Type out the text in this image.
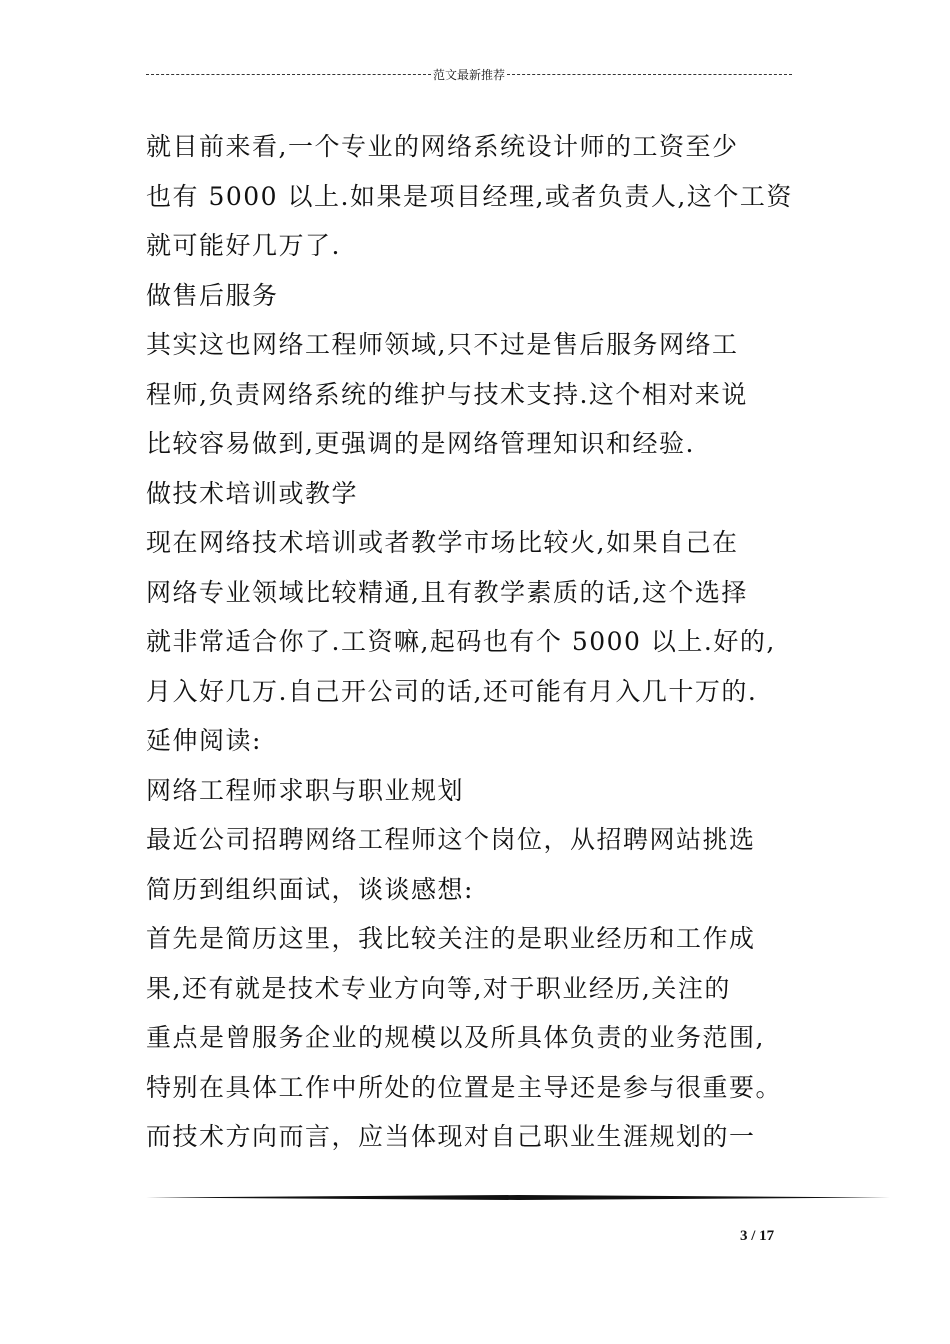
范文最新推荐

就目前来看,一个专业的网络系统设计师的工资至少

也有 5000 以上.如果是项目经理,或者负责人,这个工资

就可能好几万了.

做售后服务

其实这也网络工程师领域,只不过是售后服务网络工

程师,负责网络系统的维护与技术支持.这个相对来说

比较容易做到,更强调的是网络管理知识和经验.

做技术培训或教学

现在网络技术培训或者教学市场比较火,如果自己在

网络专业领域比较精通,且有教学素质的话,这个选择

就非常适合你了.工资嘛,起码也有个 5000 以上.好的,

月入好几万.自己开公司的话,还可能有月入几十万的.

延伸阅读:

网络工程师求职与职业规划

最近公司招聘网络工程师这个岗位，从招聘网站挑选

简历到组织面试，谈谈感想:

首先是简历这里，我比较关注的是职业经历和工作成

果,还有就是技术专业方向等,对于职业经历,关注的

重点是曾服务企业的规模以及所具体负责的业务范围,

特别在具体工作中所处的位置是主导还是参与很重要。

而技术方向而言，应当体现对自己职业生涯规划的一

3 / 17
